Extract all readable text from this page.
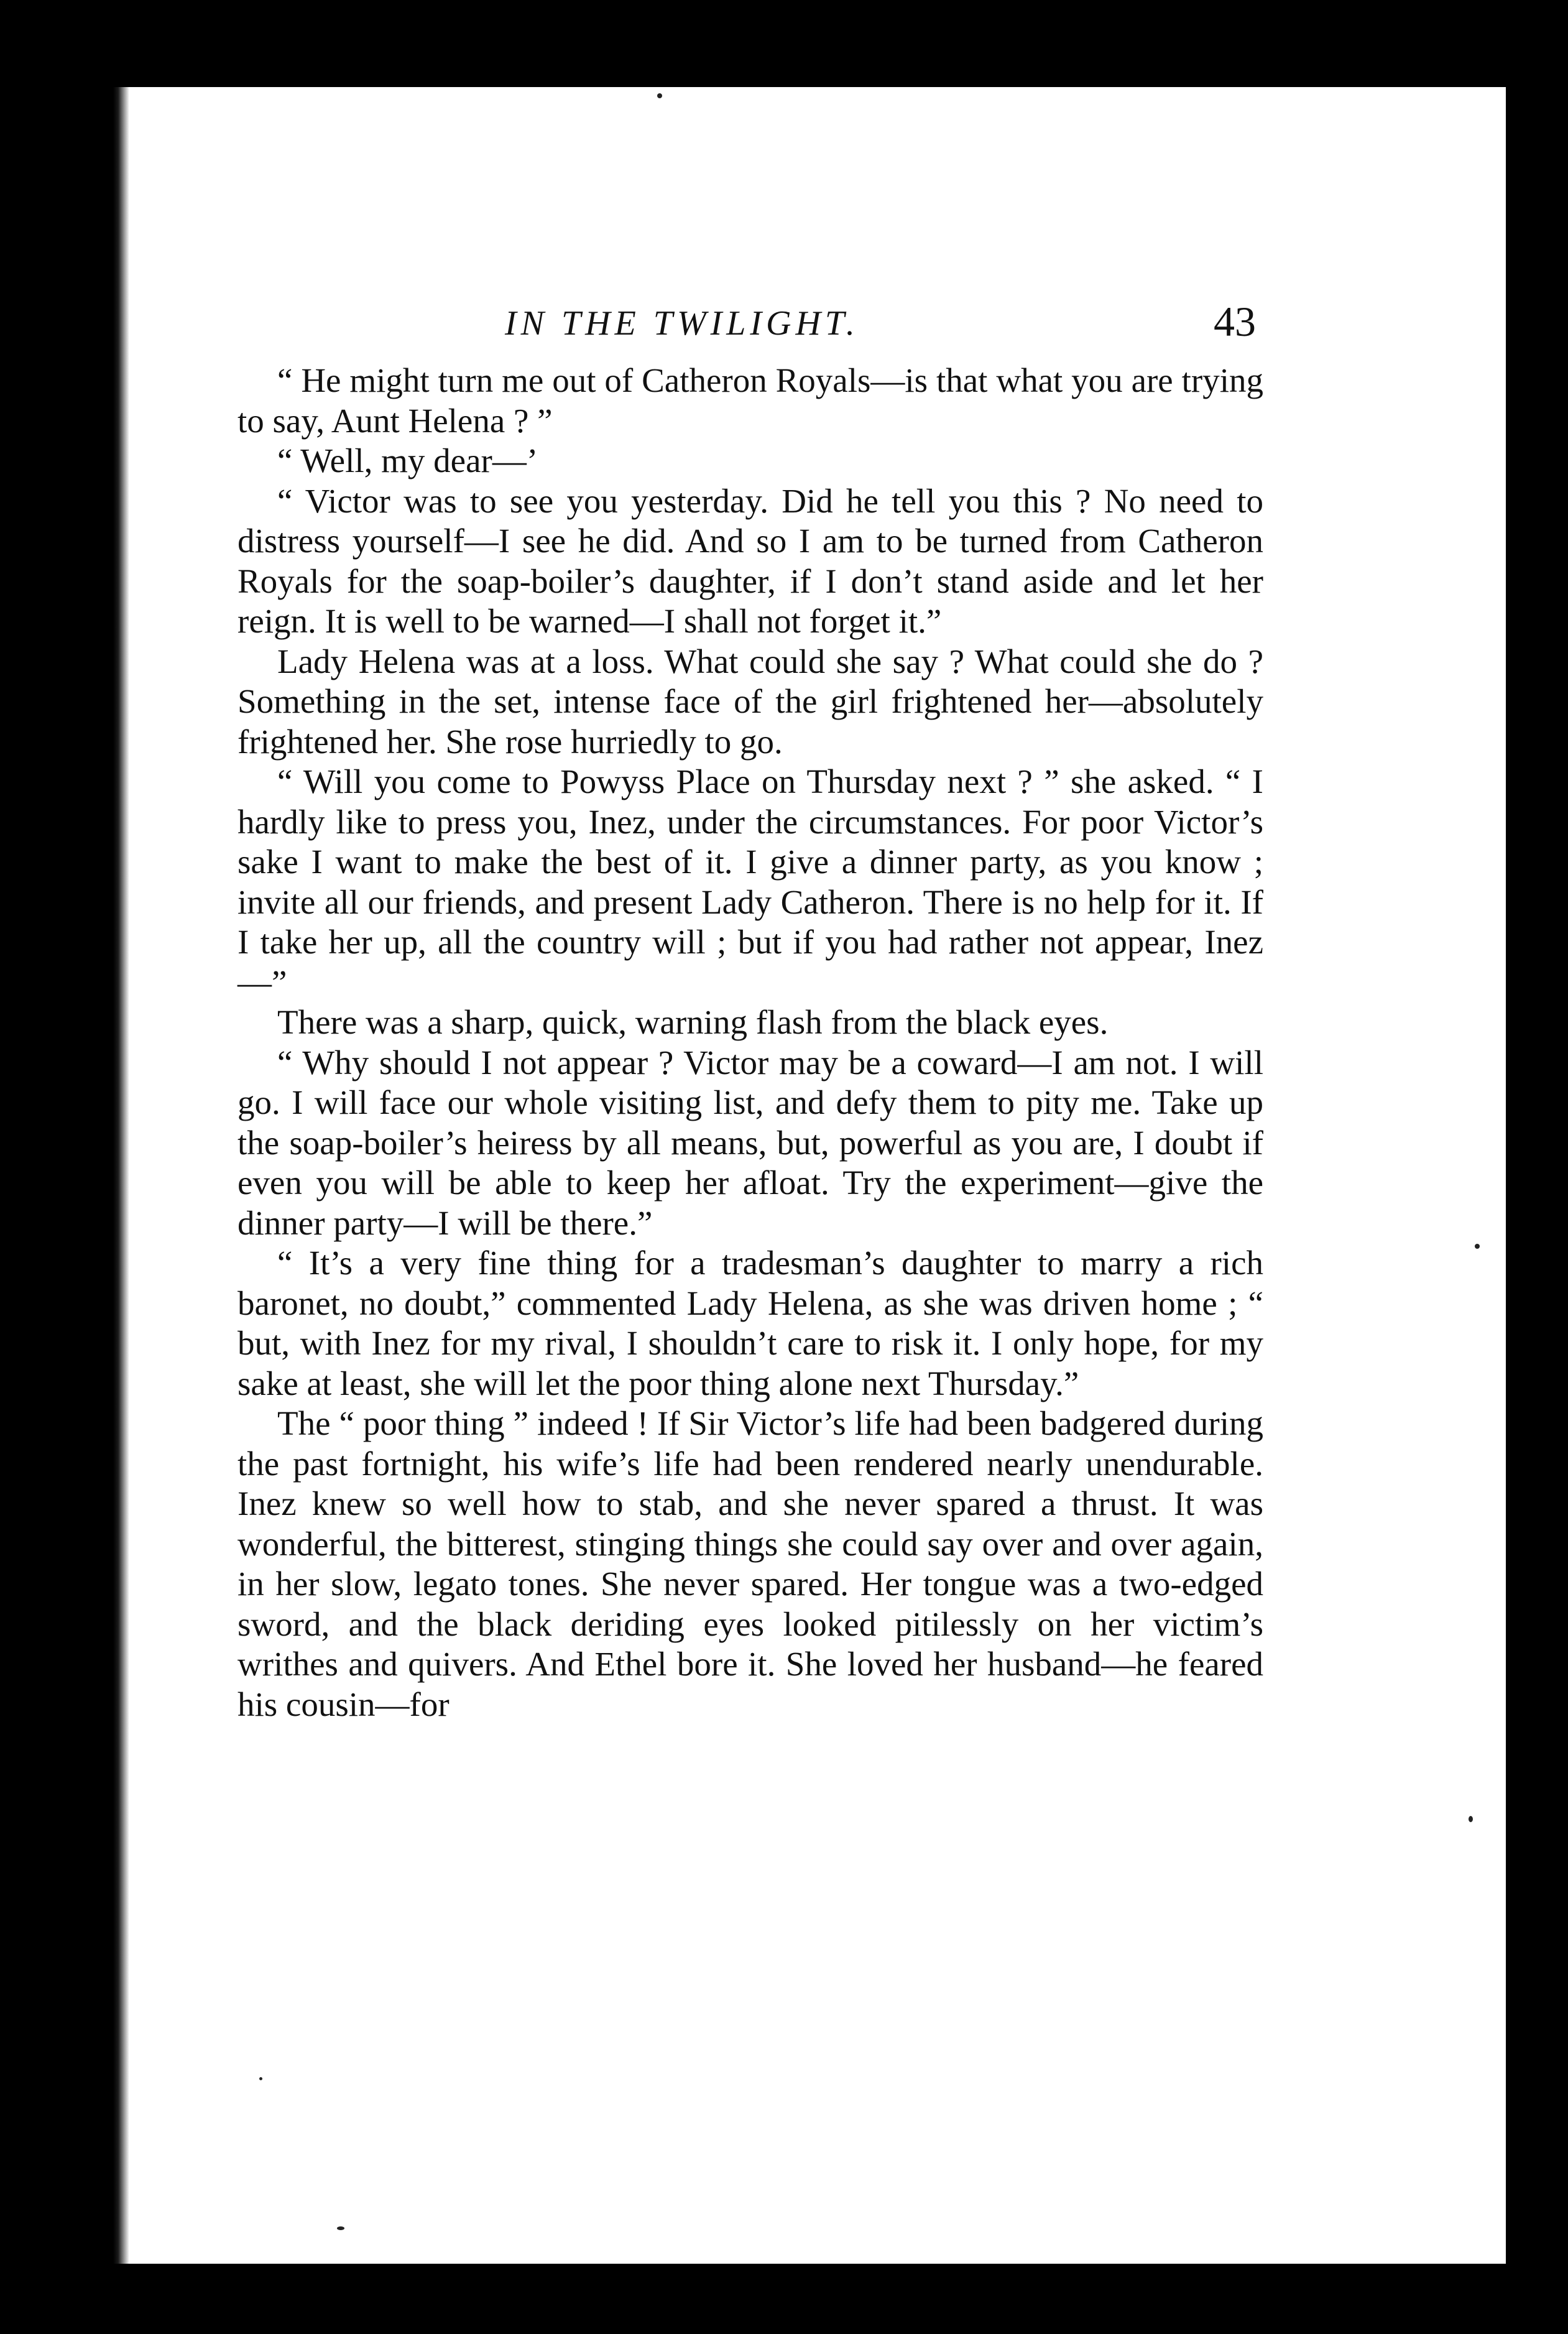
IN THE TWILIGHT.	43

“ He might turn me out of Catheron Royals—is that what you are trying to say, Aunt Helena ? ”

“ Well, my dear—’

“ Victor was to see you yesterday. Did he tell you this ? No need to distress yourself—I see he did. And so I am to be turned from Catheron Royals for the soap-boiler’s daughter, if I don’t stand aside and let her reign. It is well to be warned—I shall not forget it.”

Lady Helena was at a loss. What could she say ? What could she do ? Something in the set, intense face of the girl frightened her—absolutely frightened her. She rose hurriedly to go.

“ Will you come to Powyss Place on Thursday next ? ” she asked. “ I hardly like to press you, Inez, under the circumstances. For poor Victor’s sake I want to make the best of it. I give a dinner party, as you know ; invite all our friends, and present Lady Catheron. There is no help for it. If I take her up, all the country will ; but if you had rather not appear, Inez—”

There was a sharp, quick, warning flash from the black eyes.

“ Why should I not appear ? Victor may be a coward—I am not. I will go. I will face our whole visiting list, and defy them to pity me. Take up the soap-boiler’s heiress by all means, but, powerful as you are, I doubt if even you will be able to keep her afloat. Try the experiment—give the dinner party—I will be there.”

“ It’s a very fine thing for a tradesman’s daughter to marry a rich baronet, no doubt,” commented Lady Helena, as she was driven home ; “ but, with Inez for my rival, I shouldn’t care to risk it. I only hope, for my sake at least, she will let the poor thing alone next Thursday.”

The “ poor thing ” indeed ! If Sir Victor’s life had been badgered during the past fortnight, his wife’s life had been rendered nearly unendurable. Inez knew so well how to stab, and she never spared a thrust. It was wonderful, the bitterest, stinging things she could say over and over again, in her slow, legato tones. She never spared. Her tongue was a two-edged sword, and the black deriding eyes looked pitilessly on her victim’s writhes and quivers. And Ethel bore it. She loved her husband—he feared his cousin—for
